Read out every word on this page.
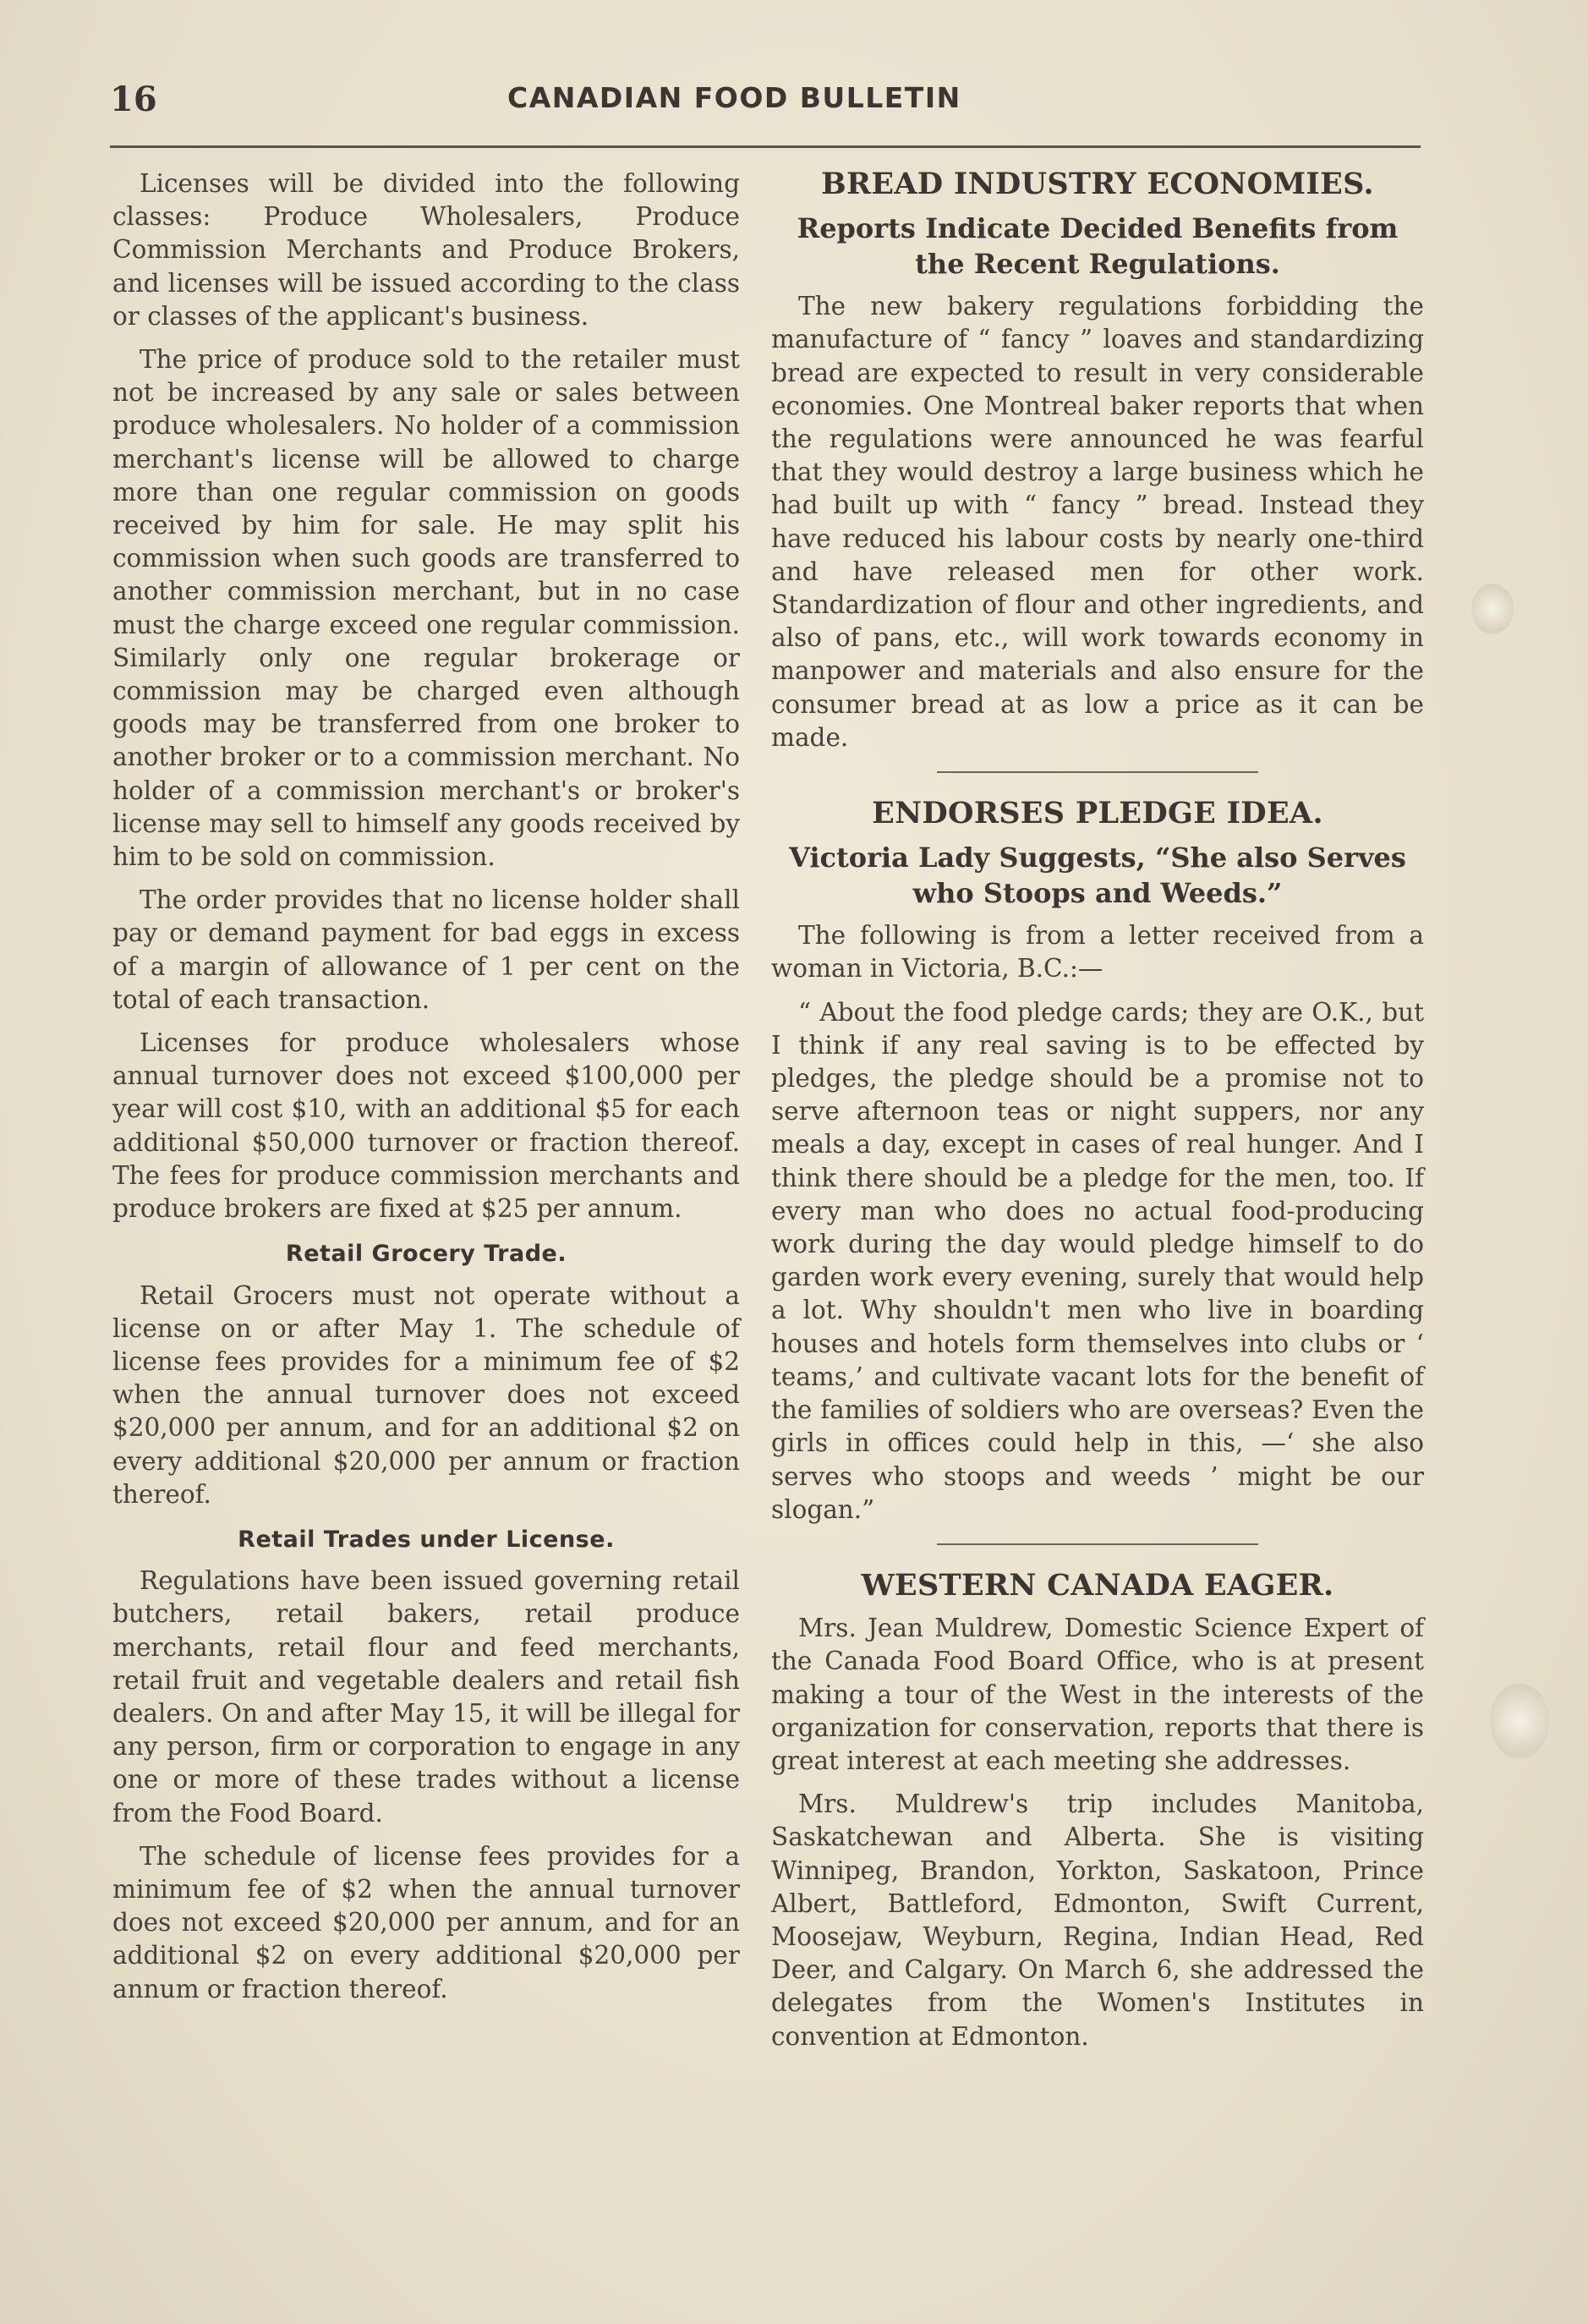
16	CANADIAN FOOD BULLETIN

Licenses will be divided into the following classes: Produce Wholesalers, Produce Commission Merchants and Produce Brokers, and licenses will be issued according to the class or classes of the applicant's business.

The price of produce sold to the retailer must not be increased by any sale or sales between produce wholesalers. No holder of a commission merchant's license will be allowed to charge more than one regular commission on goods received by him for sale. He may split his commission when such goods are transferred to another commission merchant, but in no case must the charge exceed one regular commission. Similarly only one regular brokerage or commission may be charged even although goods may be transferred from one broker to another broker or to a commission merchant. No holder of a commission merchant's or broker's license may sell to himself any goods received by him to be sold on commission.

The order provides that no license holder shall pay or demand payment for bad eggs in excess of a margin of allowance of 1 per cent on the total of each transaction.

Licenses for produce wholesalers whose annual turnover does not exceed $100,000 per year will cost $10, with an additional $5 for each additional $50,000 turnover or fraction thereof. The fees for produce commission merchants and produce brokers are fixed at $25 per annum.

Retail Grocery Trade.

Retail Grocers must not operate without a license on or after May 1. The schedule of license fees provides for a minimum fee of $2 when the annual turnover does not exceed $20,000 per annum, and for an additional $2 on every additional $20,000 per annum or fraction thereof.

Retail Trades under License.

Regulations have been issued governing retail butchers, retail bakers, retail produce merchants, retail flour and feed merchants, retail fruit and vegetable dealers and retail fish dealers. On and after May 15, it will be illegal for any person, firm or corporation to engage in any one or more of these trades without a license from the Food Board.

The schedule of license fees provides for a minimum fee of $2 when the annual turnover does not exceed $20,000 per annum, and for an additional $2 on every additional $20,000 per annum or fraction thereof.

BREAD INDUSTRY ECONOMIES.
Reports Indicate Decided Benefits from the Recent Regulations.

The new bakery regulations forbidding the manufacture of “ fancy ” loaves and standardizing bread are expected to result in very considerable economies. One Montreal baker reports that when the regulations were announced he was fearful that they would destroy a large business which he had built up with “ fancy ” bread. Instead they have reduced his labour costs by nearly one-third and have released men for other work. Standardization of flour and other ingredients, and also of pans, etc., will work towards economy in manpower and materials and also ensure for the consumer bread at as low a price as it can be made.

ENDORSES PLEDGE IDEA.
Victoria Lady Suggests, “She also Serves who Stoops and Weeds.”

The following is from a letter received from a woman in Victoria, B.C.:—

“ About the food pledge cards; they are O.K., but I think if any real saving is to be effected by pledges, the pledge should be a promise not to serve afternoon teas or night suppers, nor any meals a day, except in cases of real hunger. And I think there should be a pledge for the men, too. If every man who does no actual food-producing work during the day would pledge himself to do garden work every evening, surely that would help a lot. Why shouldn't men who live in boarding houses and hotels form themselves into clubs or ‘ teams,’ and cultivate vacant lots for the benefit of the families of soldiers who are overseas? Even the girls in offices could help in this, —‘ she also serves who stoops and weeds ’ might be our slogan.”

WESTERN CANADA EAGER.

Mrs. Jean Muldrew, Domestic Science Expert of the Canada Food Board Office, who is at present making a tour of the West in the interests of the organization for conservation, reports that there is great interest at each meeting she addresses.

Mrs. Muldrew's trip includes Manitoba, Saskatchewan and Alberta. She is visiting Winnipeg, Brandon, Yorkton, Saskatoon, Prince Albert, Battleford, Edmonton, Swift Current, Moosejaw, Weyburn, Regina, Indian Head, Red Deer, and Calgary. On March 6, she addressed the delegates from the Women's Institutes in convention at Edmonton.
